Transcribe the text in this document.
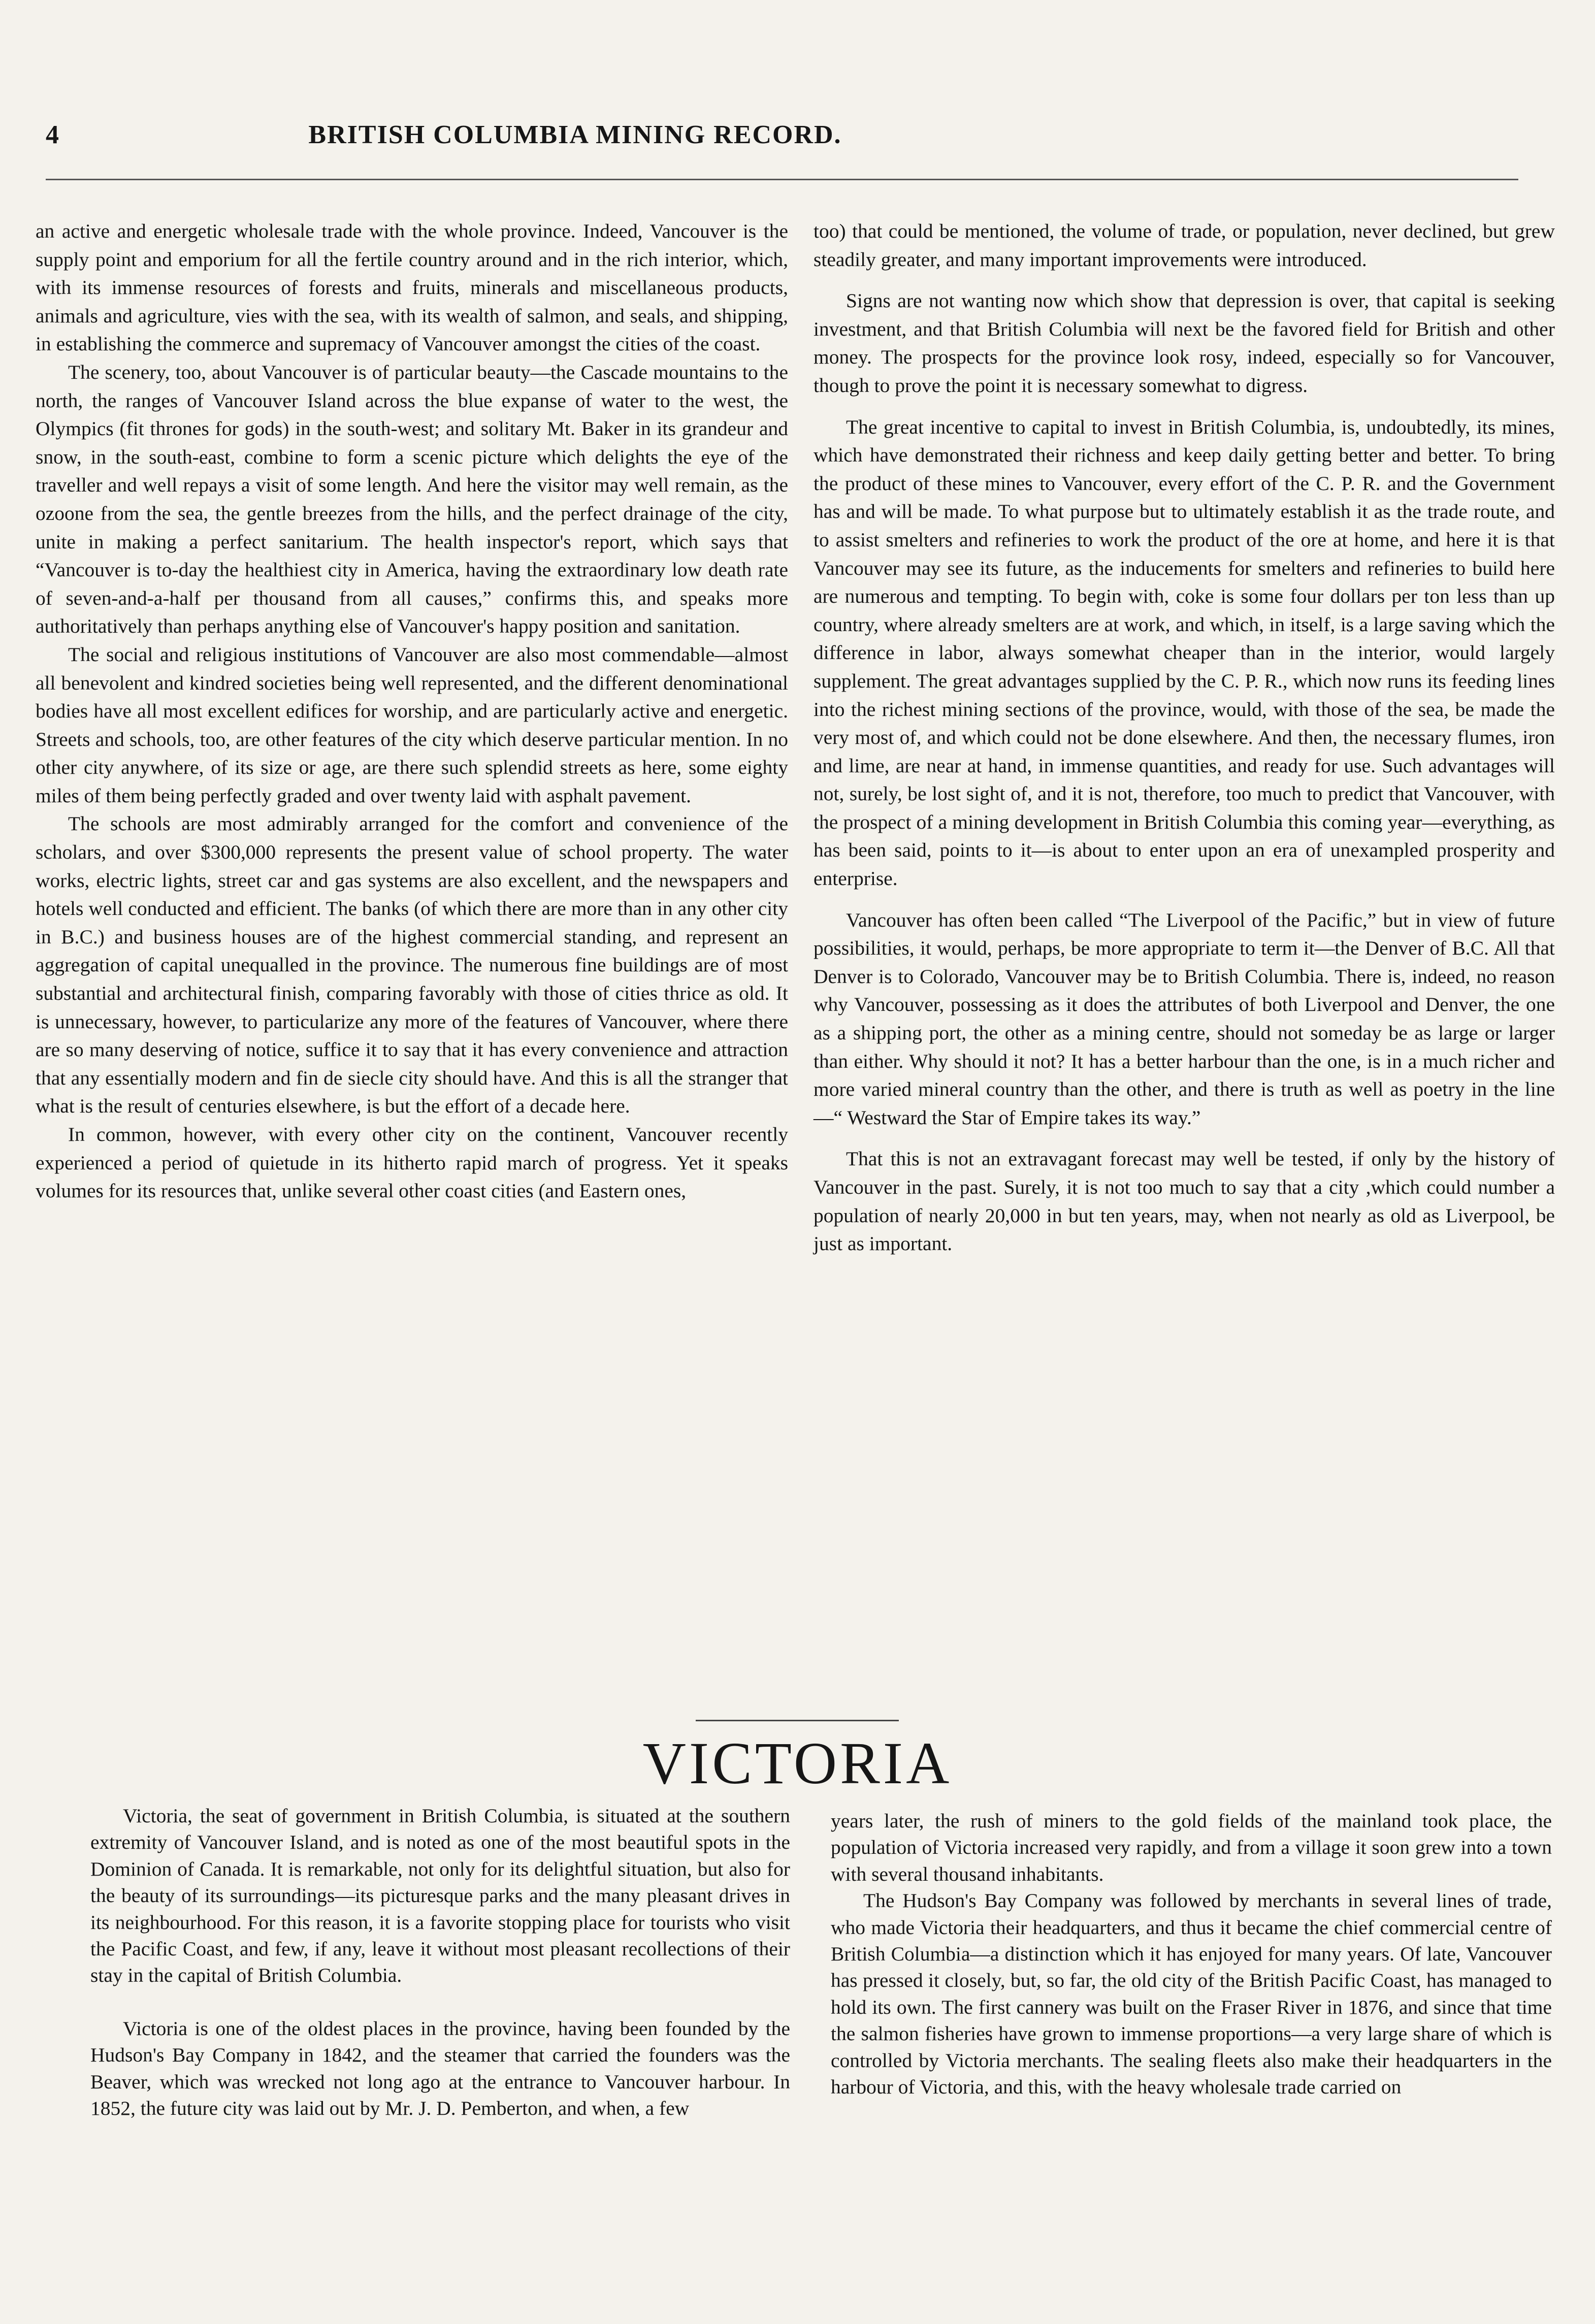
4	BRITISH COLUMBIA MINING RECORD.

an active and energetic wholesale trade with the whole province. Indeed, Vancouver is the supply point and emporium for all the fertile country around and in the rich interior, which, with its immense resources of forests and fruits, minerals and miscellaneous products, animals and agriculture, vies with the sea, with its wealth of salmon, and seals, and shipping, in establishing the commerce and supremacy of Vancouver amongst the cities of the coast.

The scenery, too, about Vancouver is of particular beauty—the Cascade mountains to the north, the ranges of Vancouver Island across the blue expanse of water to the west, the Olympics (fit thrones for gods) in the south-west; and solitary Mt. Baker in its grandeur and snow, in the south-east, combine to form a scenic picture which delights the eye of the traveller and well repays a visit of some length. And here the visitor may well remain, as the ozoone from the sea, the gentle breezes from the hills, and the perfect drainage of the city, unite in making a perfect sanitarium. The health inspector's report, which says that “Vancouver is to-day the healthiest city in America, having the extraordinary low death rate of seven-and-a-half per thousand from all causes,” confirms this, and speaks more authoritatively than perhaps anything else of Vancouver's happy position and sanitation.

The social and religious institutions of Vancouver are also most commendable—almost all benevolent and kindred societies being well represented, and the different denominational bodies have all most excellent edifices for worship, and are particularly active and energetic. Streets and schools, too, are other features of the city which deserve particular mention. In no other city anywhere, of its size or age, are there such splendid streets as here, some eighty miles of them being perfectly graded and over twenty laid with asphalt pavement.

The schools are most admirably arranged for the comfort and convenience of the scholars, and over $300,000 represents the present value of school property. The water works, electric lights, street car and gas systems are also excellent, and the newspapers and hotels well conducted and efficient. The banks (of which there are more than in any other city in B.C.) and business houses are of the highest commercial standing, and represent an aggregation of capital unequalled in the province. The numerous fine buildings are of most substantial and architectural finish, comparing favorably with those of cities thrice as old. It is unnecessary, however, to particularize any more of the features of Vancouver, where there are so many deserving of notice, suffice it to say that it has every convenience and attraction that any essentially modern and fin de siecle city should have. And this is all the stranger that what is the result of centuries elsewhere, is but the effort of a decade here.

In common, however, with every other city on the continent, Vancouver recently experienced a period of quietude in its hitherto rapid march of progress. Yet it speaks volumes for its resources that, unlike several other coast cities (and Eastern ones,

too) that could be mentioned, the volume of trade, or population, never declined, but grew steadily greater, and many important improvements were introduced.

Signs are not wanting now which show that depression is over, that capital is seeking investment, and that British Columbia will next be the favored field for British and other money. The prospects for the province look rosy, indeed, especially so for Vancouver, though to prove the point it is necessary somewhat to digress.

The great incentive to capital to invest in British Columbia, is, undoubtedly, its mines, which have demonstrated their richness and keep daily getting better and better. To bring the product of these mines to Vancouver, every effort of the C. P. R. and the Government has and will be made. To what purpose but to ultimately establish it as the trade route, and to assist smelters and refineries to work the product of the ore at home, and here it is that Vancouver may see its future, as the inducements for smelters and refineries to build here are numerous and tempting. To begin with, coke is some four dollars per ton less than up country, where already smelters are at work, and which, in itself, is a large saving which the difference in labor, always somewhat cheaper than in the interior, would largely supplement. The great advantages supplied by the C. P. R., which now runs its feeding lines into the richest mining sections of the province, would, with those of the sea, be made the very most of, and which could not be done elsewhere. And then, the necessary flumes, iron and lime, are near at hand, in immense quantities, and ready for use. Such advantages will not, surely, be lost sight of, and it is not, therefore, too much to predict that Vancouver, with the prospect of a mining development in British Columbia this coming year—everything, as has been said, points to it—is about to enter upon an era of unexampled prosperity and enterprise.

Vancouver has often been called “The Liverpool of the Pacific,” but in view of future possibilities, it would, perhaps, be more appropriate to term it—the Denver of B.C. All that Denver is to Colorado, Vancouver may be to British Columbia. There is, indeed, no reason why Vancouver, possessing as it does the attributes of both Liverpool and Denver, the one as a shipping port, the other as a mining centre, should not someday be as large or larger than either. Why should it not? It has a better harbour than the one, is in a much richer and more varied mineral country than the other, and there is truth as well as poetry in the line—“ Westward the Star of Empire takes its way.”

That this is not an extravagant forecast may well be tested, if only by the history of Vancouver in the past. Surely, it is not too much to say that a city ,which could number a population of nearly 20,000 in but ten years, may, when not nearly as old as Liverpool, be just as important.

VICTORIA

Victoria, the seat of government in British Columbia, is situated at the southern extremity of Vancouver Island, and is noted as one of the most beautiful spots in the Dominion of Canada. It is remarkable, not only for its delightful situation, but also for the beauty of its surroundings—its picturesque parks and the many pleasant drives in its neighbourhood. For this reason, it is a favorite stopping place for tourists who visit the Pacific Coast, and few, if any, leave it without most pleasant recollections of their stay in the capital of British Columbia.

Victoria is one of the oldest places in the province, having been founded by the Hudson's Bay Company in 1842, and the steamer that carried the founders was the Beaver, which was wrecked not long ago at the entrance to Vancouver harbour. In 1852, the future city was laid out by Mr. J. D. Pemberton, and when, a few

years later, the rush of miners to the gold fields of the mainland took place, the population of Victoria increased very rapidly, and from a village it soon grew into a town with several thousand inhabitants.

The Hudson's Bay Company was followed by merchants in several lines of trade, who made Victoria their headquarters, and thus it became the chief commercial centre of British Columbia—a distinction which it has enjoyed for many years. Of late, Vancouver has pressed it closely, but, so far, the old city of the British Pacific Coast, has managed to hold its own. The first cannery was built on the Fraser River in 1876, and since that time the salmon fisheries have grown to immense proportions—a very large share of which is controlled by Victoria merchants. The sealing fleets also make their headquarters in the harbour of Victoria, and this, with the heavy wholesale trade carried on
